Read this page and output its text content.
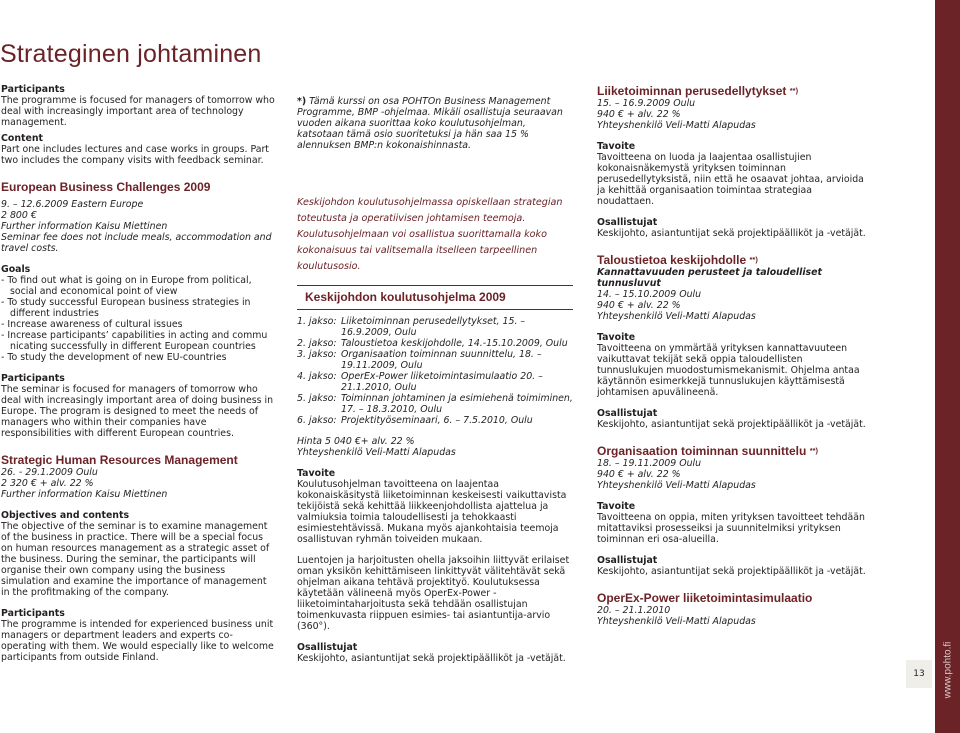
Strateginen johtaminen

Participants

The programme is focused for managers of tomorrow who deal with increasingly important area of technology management.

Content

Part one includes lectures and case works in groups. Part two includes the company visits with feedback seminar.

European Business Challenges 2009

9. – 12.6.2009 Eastern Europe

2 800 €

Further information Kaisu Miettinen

Seminar fee does not include meals, accommodation and travel costs.

Goals

- To find out what is going on in Europe from political, social and economical point of view
- To study successful European business strategies in different industries
- Increase awareness of cultural issues
- Increase participants’ capabilities in acting and commu nicating successfully in different European countries
- To study the development of new EU-countries

Participants

The seminar is focused for managers of tomorrow who deal with increasingly important area of doing business in Europe. The program is designed to meet the needs of managers who within their companies have responsibilities with different European countries.

Strategic Human Resources Management

26. - 29.1.2009 Oulu

2 320 € + alv. 22 %

Further information Kaisu Miettinen

Objectives and contents

The objective of the seminar is to examine management of the business in practice. There will be a special focus on human resources management as a strategic asset of the business. During the seminar, the participants will organise their own company using the business simulation and examine the importance of management in the profitmaking of the company.

Participants

The programme is intended for experienced business unit managers or department leaders and experts co-operating with them. We would especially like to welcome participants from outside Finland.

*) Tämä kurssi on osa POHTOn Business Management Programme, BMP -ohjelmaa. Mikäli osallistuja seuraavan vuoden aikana suorittaa koko koulutusohjelman, katsotaan tämä osio suoritetuksi ja hän saa 15 % alennuksen BMP:n kokonaishinnasta.

Keskijohdon koulutusohjelmassa opiskellaan strategian toteutusta ja operatiivisen johtamisen teemoja. Koulutusohjelmaan voi osallistua suorittamalla koko kokonaisuus tai valitsemalla itselleen tarpeellinen koulutusosio.

Keskijohdon koulutusohjelma 2009

1. jakso: Liiketoiminnan perusedellytykset, 15. – 16.9.2009, Oulu
2. jakso: Taloustietoa keskijohdolle, 14.-15.10.2009, Oulu
3. jakso: Organisaation toiminnan suunnittelu, 18. – 19.11.2009, Oulu
4. jakso: OperEx-Power liiketoimintasimulaatio 20. – 21.1.2010, Oulu
5. jakso: Toiminnan johtaminen ja esimiehenä toimiminen, 17. – 18.3.2010, Oulu
6. jakso: Projektityöseminaari, 6. – 7.5.2010, Oulu

Hinta 5 040 €+ alv. 22 %

Yhteyshenkilö Veli-Matti Alapudas

Tavoite

Koulutusohjelman tavoitteena on laajentaa kokonaiskäsitystä liiketoiminnan keskeisesti vaikuttavista tekijöistä sekä kehittää liikkeenjohdollista ajattelua ja valmiuksia toimia taloudellisesti ja tehokkaasti esimiestehtävissä. Mukana myös ajankohtaisia teemoja osallistuvan ryhmän toiveiden mukaan.

Luentojen ja harjoitusten ohella jaksoihin liittyvät erilaiset oman yksikön kehittämiseen linkittyvät välitehtävät sekä ohjelman aikana tehtävä projektityö. Koulutuksessa käytetään välineenä myös OperEx-Power -liiketoimintaharjoitusta sekä tehdään osallistujan toimenkuvasta riippuen esimies- tai asiantuntija-arvio (360°).

Osallistujat

Keskijohto, asiantuntijat sekä projektipäälliköt ja -vetäjät.

Liiketoiminnan perusedellytykset **)

15. – 16.9.2009 Oulu

940 € + alv. 22 %

Yhteyshenkilö Veli-Matti Alapudas

Tavoite

Tavoitteena on luoda ja laajentaa osallistujien kokonaisnäkemystä yrityksen toiminnan perusedellytyksistä, niin että he osaavat johtaa, arvioida ja kehittää organisaation toimintaa strategiaa noudattaen.

Osallistujat

Keskijohto, asiantuntijat sekä projektipäälliköt ja -vetäjät.

Taloustietoa keskijohdolle **)

Kannattavuuden perusteet ja taloudelliset tunnusluvut

14. – 15.10.2009 Oulu

940 € + alv. 22 %

Yhteyshenkilö Veli-Matti Alapudas

Tavoite

Tavoitteena on ymmärtää yrityksen kannattavuuteen vaikuttavat tekijät sekä oppia taloudellisten tunnuslukujen muodostumismekanismit. Ohjelma antaa käytännön esimerkkejä tunnuslukujen käyttämisestä johtamisen apuvälineenä.

Osallistujat

Keskijohto, asiantuntijat sekä projektipäälliköt ja -vetäjät.

Organisaation toiminnan suunnittelu **)

18. – 19.11.2009 Oulu

940 € + alv. 22 %

Yhteyshenkilö Veli-Matti Alapudas

Tavoite

Tavoitteena on oppia, miten yrityksen tavoitteet tehdään mitattaviksi prosesseiksi ja suunnitelmiksi yrityksen toiminnan eri osa-alueilla.

Osallistujat

Keskijohto, asiantuntijat sekä projektipäälliköt ja -vetäjät.

OperEx-Power liiketoimintasimulaatio

20. – 21.1.2010

Yhteyshenkilö Veli-Matti Alapudas

13 www.pohto.fi
